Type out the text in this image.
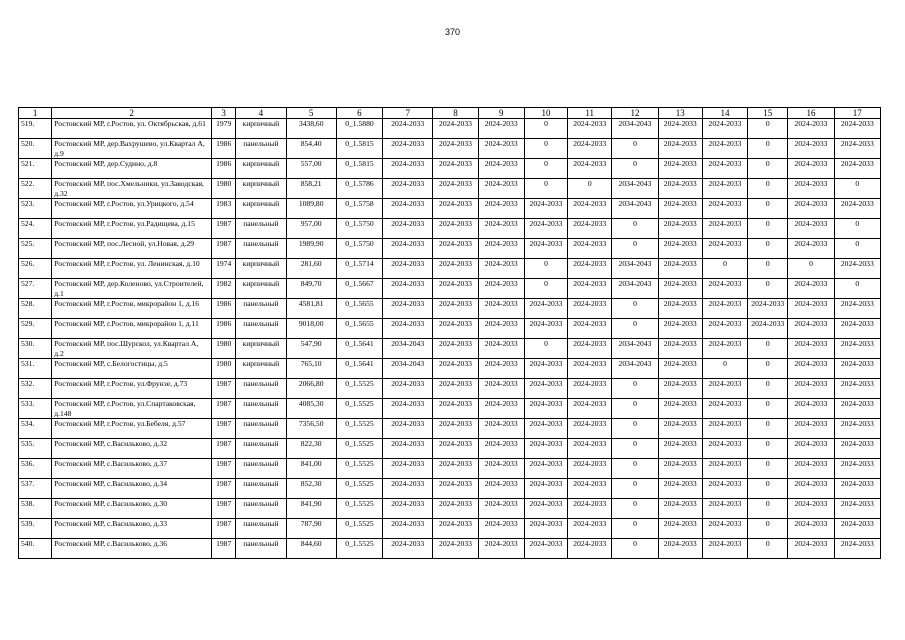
370
1	2	3	4	5	6	7	8	9	10	11	12	13	14	15	16	17
519.	Ростовский МР, г.Ростов, ул. Октябрьская, д.61	1979	кирпичный	3438,60	0_1.5880	2024-2033	2024-2033	2024-2033	0	2024-2033	2034-2043	2024-2033	2024-2033	0	2024-2033	2024-2033
520.	Ростовский МР, дер.Вахрушево, ул.Квартал А, д.9	1986	панельный	854,40	0_1.5815	2024-2033	2024-2033	2024-2033	0	2024-2033	0	2024-2033	2024-2033	0	2024-2033	2024-2033
521.	Ростовский МР, дер.Судино, д.8	1986	кирпичный	557,00	0_1.5815	2024-2033	2024-2033	2024-2033	0	2024-2033	0	2024-2033	2024-2033	0	2024-2033	2024-2033
522.	Ростовский МР, пос.Хмельники, ул.Заводская, д.32	1980	кирпичный	858,21	0_1.5786	2024-2033	2024-2033	2024-2033	0	0	2034-2043	2024-2033	2024-2033	0	2024-2033	0
523.	Ростовский МР, г.Ростов, ул.Урицкого, д.54	1983	кирпичный	1089,80	0_1.5758	2024-2033	2024-2033	2024-2033	2024-2033	2024-2033	2034-2043	2024-2033	2024-2033	0	2024-2033	2024-2033
524.	Ростовский МР, г.Ростов, ул.Радищева, д.15	1987	панельный	957,00	0_1.5750	2024-2033	2024-2033	2024-2033	2024-2033	2024-2033	0	2024-2033	2024-2033	0	2024-2033	0
525.	Ростовский МР, пос.Лесной, ул.Новая, д.29	1987	панельный	1989,90	0_1.5750	2024-2033	2024-2033	2024-2033	2024-2033	2024-2033	0	2024-2033	2024-2033	0	2024-2033	0
526.	Ростовский МР, г.Ростов, ул. Ленинская, д.10	1974	кирпичный	281,60	0_1.5714	2024-2033	2024-2033	2024-2033	0	2024-2033	2034-2043	2024-2033	0	0	0	2024-2033
527.	Ростовский МР, дер.Коленово, ул.Строителей, д.1	1982	кирпичный	849,70	0_1.5667	2024-2033	2024-2033	2024-2033	0	2024-2033	2034-2043	2024-2033	2024-2033	0	2024-2033	0
528.	Ростовский МР, г.Ростов, микрорайон 1, д.16	1986	панельный	4581,81	0_1.5655	2024-2033	2024-2033	2024-2033	2024-2033	2024-2033	0	2024-2033	2024-2033	2024-2033	2024-2033	2024-2033
529.	Ростовский МР, г.Ростов, микрорайон 1, д.11	1986	панельный	9018,00	0_1.5655	2024-2033	2024-2033	2024-2033	2024-2033	2024-2033	0	2024-2033	2024-2033	2024-2033	2024-2033	2024-2033
530.	Ростовский МР, пос.Шурскол, ул.Квартал А, д.2	1980	кирпичный	547,90	0_1.5641	2034-2043	2024-2033	2024-2033	0	2024-2033	2034-2043	2024-2033	2024-2033	0	2024-2033	2024-2033
531.	Ростовский МР, с.Белогостицы, д.5	1980	кирпичный	765,10	0_1.5641	2034-2043	2024-2033	2024-2033	2024-2033	2024-2033	2034-2043	2024-2033	0	0	2024-2033	2024-2033
532.	Ростовский МР, г.Ростов, ул.Фрунзе, д.73	1987	панельный	2066,80	0_1.5525	2024-2033	2024-2033	2024-2033	2024-2033	2024-2033	0	2024-2033	2024-2033	0	2024-2033	2024-2033
533.	Ростовский МР, г.Ростов, ул.Спартаковская, д.148	1987	панельный	4085,30	0_1.5525	2024-2033	2024-2033	2024-2033	2024-2033	2024-2033	0	2024-2033	2024-2033	0	2024-2033	2024-2033
534.	Ростовский МР, г.Ростов, ул.Бебеля, д.57	1987	панельный	7356,50	0_1.5525	2024-2033	2024-2033	2024-2033	2024-2033	2024-2033	0	2024-2033	2024-2033	0	2024-2033	2024-2033
535.	Ростовский МР, с.Васильково, д.32	1987	панельный	822,30	0_1.5525	2024-2033	2024-2033	2024-2033	2024-2033	2024-2033	0	2024-2033	2024-2033	0	2024-2033	2024-2033
536.	Ростовский МР, с.Васильково, д.37	1987	панельный	841,00	0_1.5525	2024-2033	2024-2033	2024-2033	2024-2033	2024-2033	0	2024-2033	2024-2033	0	2024-2033	2024-2033
537.	Ростовский МР, с.Васильково, д.34	1987	панельный	852,30	0_1.5525	2024-2033	2024-2033	2024-2033	2024-2033	2024-2033	0	2024-2033	2024-2033	0	2024-2033	2024-2033
538.	Ростовский МР, с.Васильково, д.30	1987	панельный	841,90	0_1.5525	2024-2033	2024-2033	2024-2033	2024-2033	2024-2033	0	2024-2033	2024-2033	0	2024-2033	2024-2033
539.	Ростовский МР, с.Васильково, д.33	1987	панельный	787,90	0_1.5525	2024-2033	2024-2033	2024-2033	2024-2033	2024-2033	0	2024-2033	2024-2033	0	2024-2033	2024-2033
540.	Ростовский МР, с.Васильково, д.36	1987	панельный	844,60	0_1.5525	2024-2033	2024-2033	2024-2033	2024-2033	2024-2033	0	2024-2033	2024-2033	0	2024-2033	2024-2033
